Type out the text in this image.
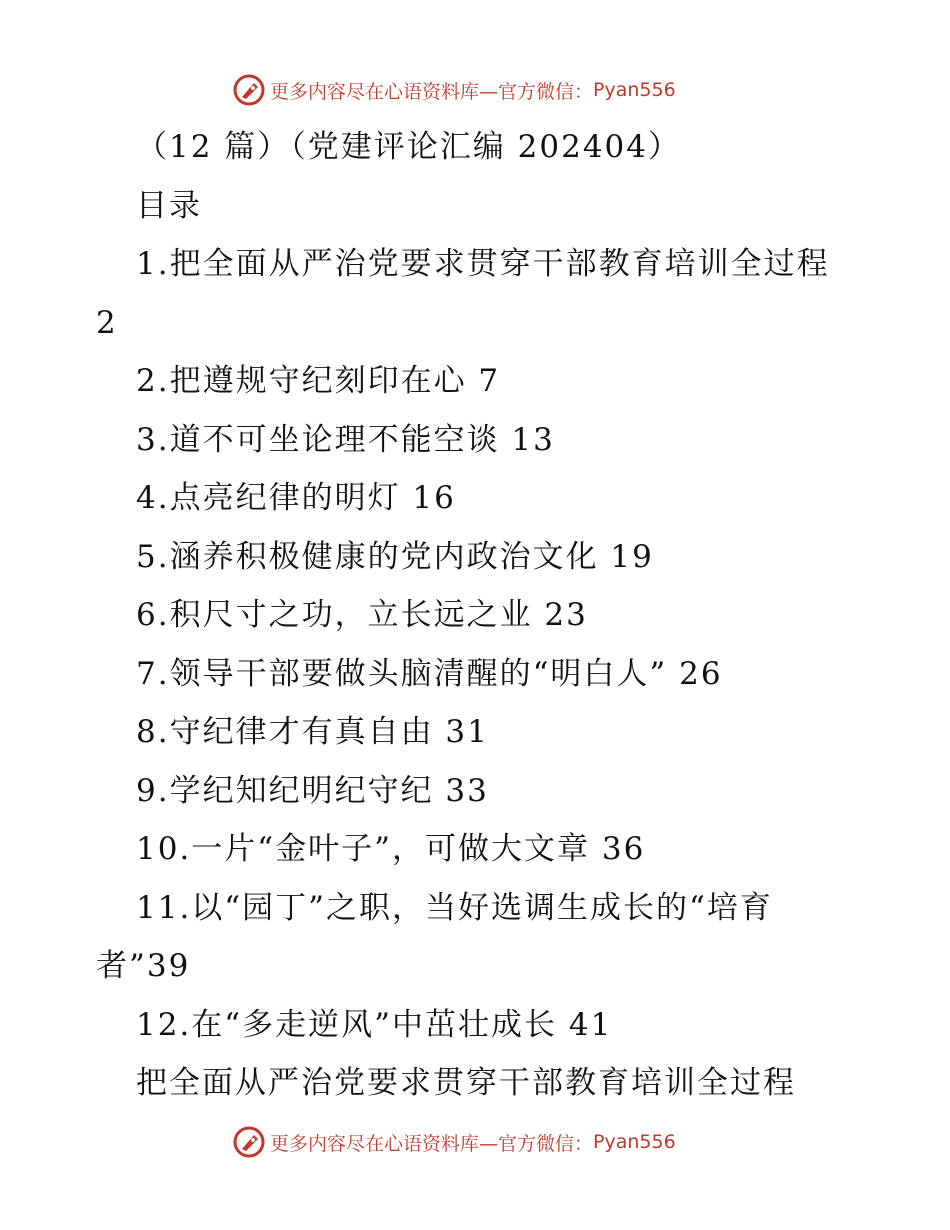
更多内容尽在心语资料库—官方微信： Pyan556
（12 篇）（党建评论汇编 202404）
目录
1.把全面从严治党要求贯穿干部教育培训全过程
2
2.把遵规守纪刻印在心 7
3.道不可坐论理不能空谈 13
4.点亮纪律的明灯 16
5.涵养积极健康的党内政治文化 19
6.积尺寸之功，立长远之业 23
7.领导干部要做头脑清醒的“明白人” 26
8.守纪律才有真自由 31
9.学纪知纪明纪守纪 33
10.一片“金叶子”，可做大文章 36
11.以“园丁”之职，当好选调生成长的“培育
者”39
12.在“多走逆风”中茁壮成长 41
把全面从严治党要求贯穿干部教育培训全过程
更多内容尽在心语资料库—官方微信： Pyan556
